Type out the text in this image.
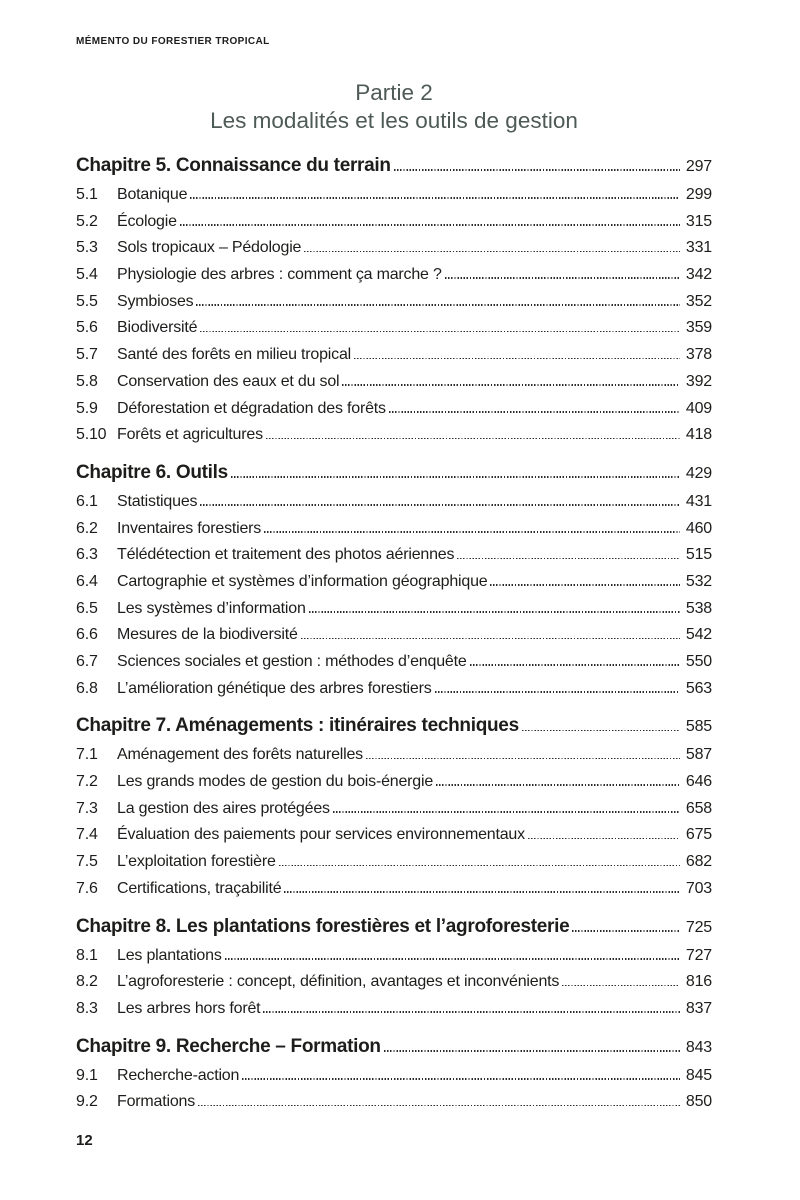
MÉMENTO DU FORESTIER TROPICAL
Partie 2
Les modalités et les outils de gestion
Chapitre 5. Connaissance du terrain	297
5.1	Botanique	299
5.2	Écologie	315
5.3	Sols tropicaux – Pédologie	331
5.4	Physiologie des arbres : comment ça marche ?	342
5.5	Symbioses	352
5.6	Biodiversité	359
5.7	Santé des forêts en milieu tropical	378
5.8	Conservation des eaux et du sol	392
5.9	Déforestation et dégradation des forêts	409
5.10 Forêts et agricultures	418
Chapitre 6. Outils	429
6.1	Statistiques	431
6.2	Inventaires forestiers	460
6.3	Télédétection et traitement des photos aériennes	515
6.4	Cartographie et systèmes d’information géographique	532
6.5	Les systèmes d’information	538
6.6	Mesures de la biodiversité	542
6.7	Sciences sociales et gestion : méthodes d’enquête	550
6.8	L’amélioration génétique des arbres forestiers	563
Chapitre 7. Aménagements : itinéraires techniques	585
7.1	Aménagement des forêts naturelles	587
7.2	Les grands modes de gestion du bois-énergie	646
7.3	La gestion des aires protégées	658
7.4	Évaluation des paiements pour services environnementaux	675
7.5	L’exploitation forestière	682
7.6	Certifications, traçabilité	703
Chapitre 8. Les plantations forestières et l’agroforesterie	725
8.1	Les plantations	727
8.2	L’agroforesterie : concept, définition, avantages et inconvénients	816
8.3	Les arbres hors forêt	837
Chapitre 9. Recherche – Formation	843
9.1	Recherche-action	845
9.2	Formations	850
12
